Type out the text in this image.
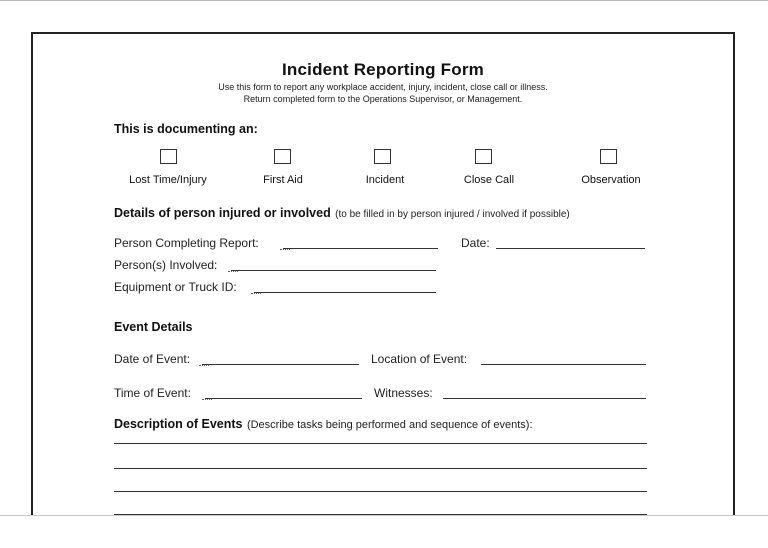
Incident Reporting Form
Use this form to report any workplace accident, injury, incident, close call or illness.
Return completed form to the Operations Supervisor, or Management.
This is documenting an:
Lost Time/Injury	First Aid	Incident	Close Call	Observation
Details of person injured or involved (to be filled in by person injured / involved if possible)
Person Completing Report:	Date:
Person(s) Involved:
Equipment or Truck ID:
Event Details
Date of Event:	Location of Event:
Time of Event:	Witnesses:
Description of Events (Describe tasks being performed and sequence of events):
